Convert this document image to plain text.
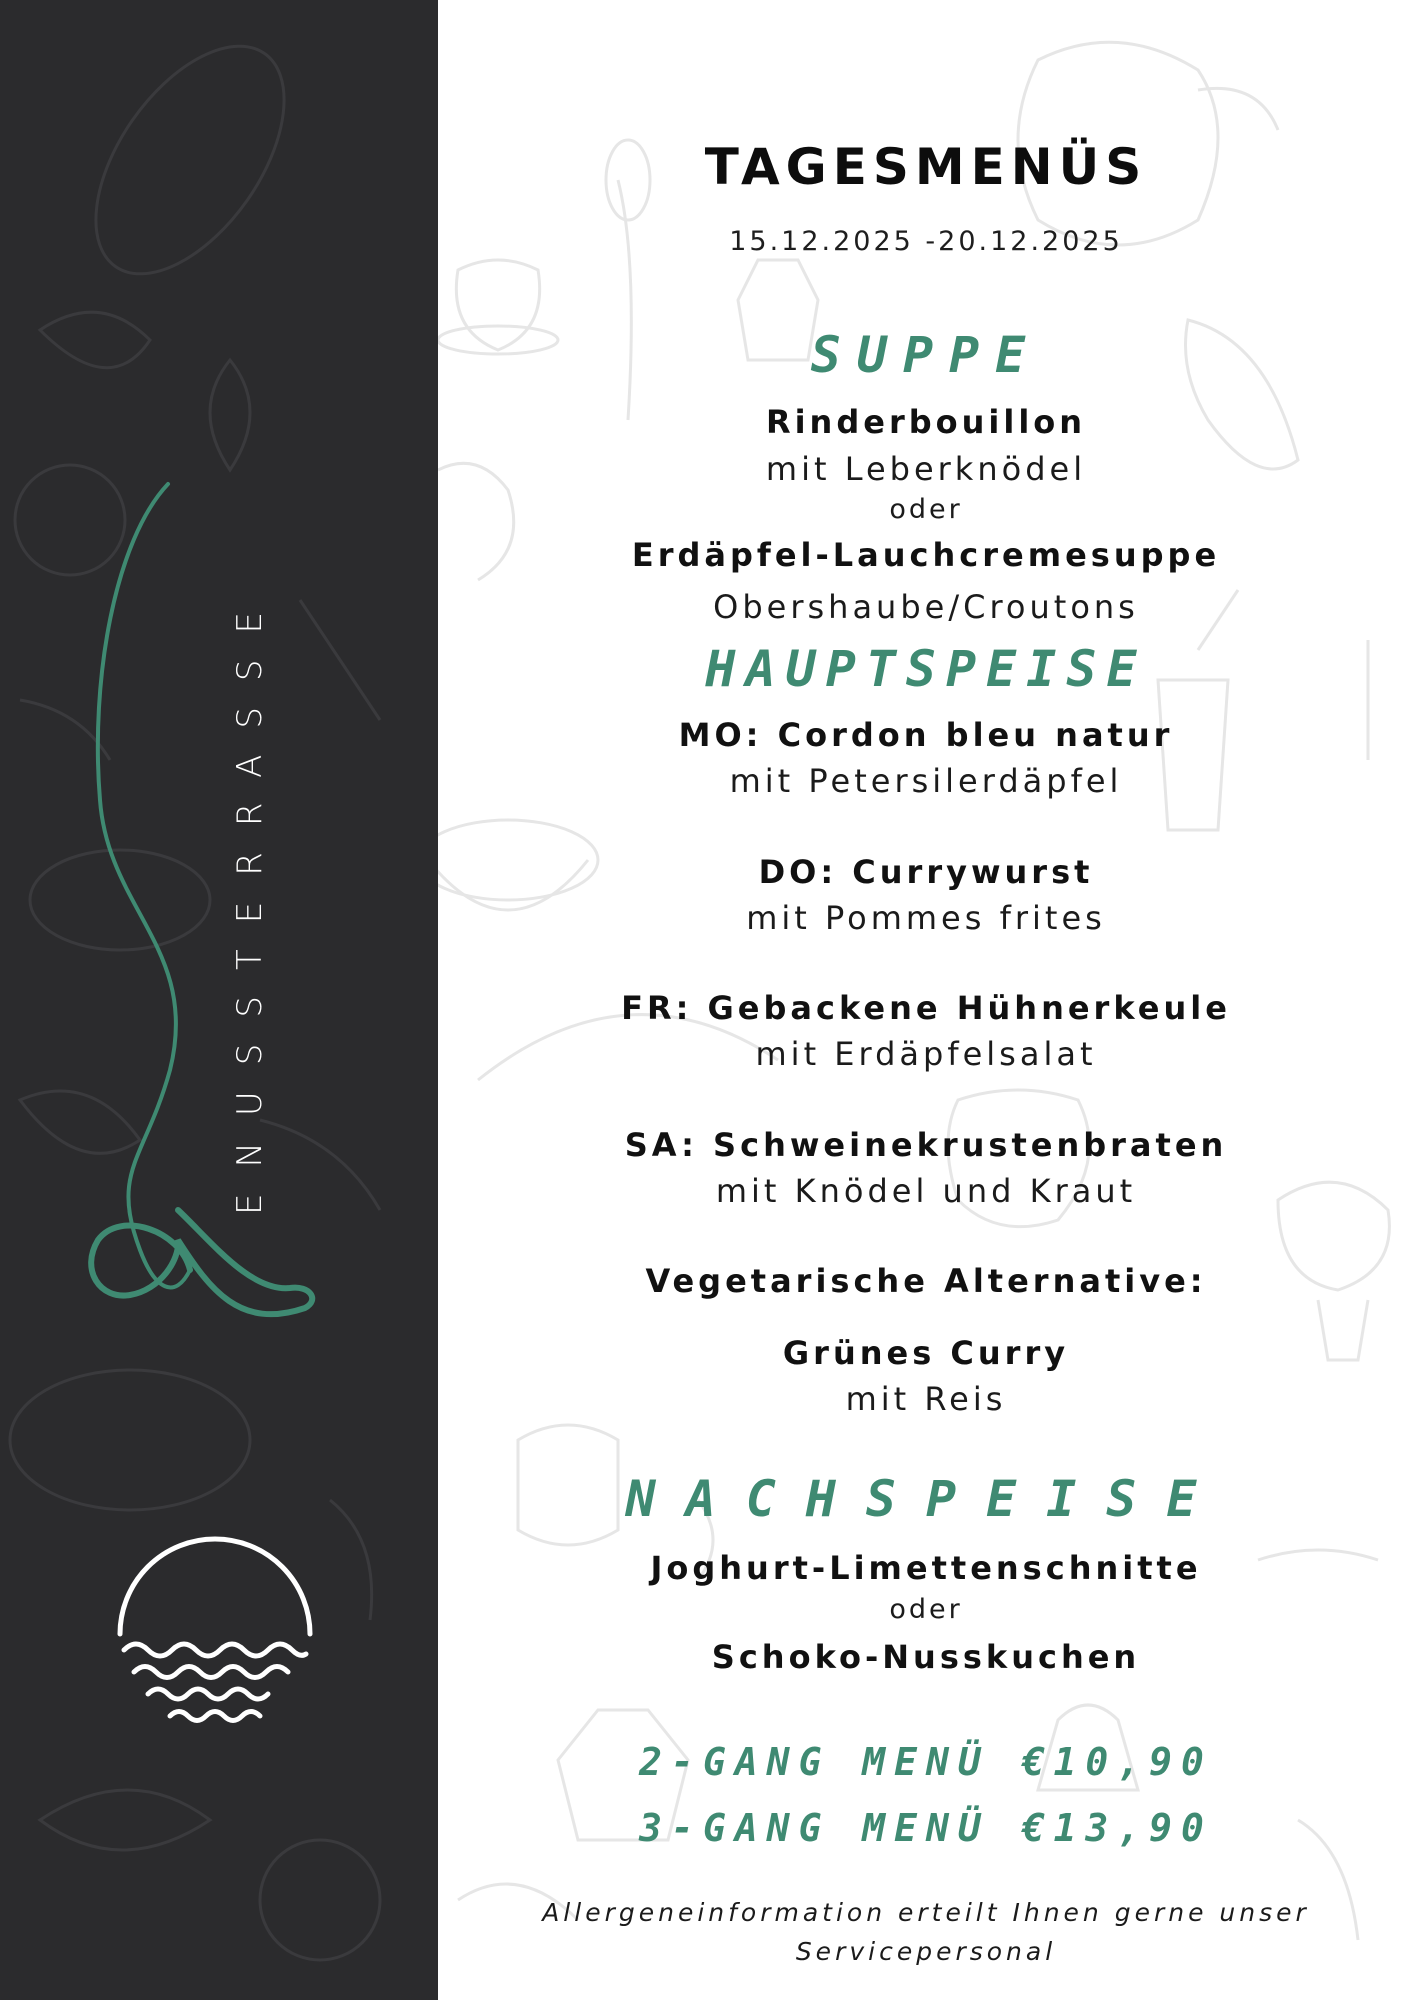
ENUSSTERRASSE
TAGESMENÜS
15.12.2025 -20.12.2025
SUPPE
Rinderbouillon
mit Leberknödel
oder
Erdäpfel-Lauchcremesuppe
Obershaube/Croutons
HAUPTSPEISE
MO: Cordon bleu natur
mit Petersilerdäpfel
DO: Currywurst
mit Pommes frites
FR: Gebackene Hühnerkeule
mit Erdäpfelsalat
SA: Schweinekrustenbraten
mit Knödel und Kraut
Vegetarische Alternative:
Grünes Curry
mit Reis
NACHSPEISE
Joghurt-Limettenschnitte
oder
Schoko-Nusskuchen
2-GANG MENÜ €10,90
3-GANG MENÜ €13,90
Allergeneinformation erteilt Ihnen gerne unser
Servicepersonal
